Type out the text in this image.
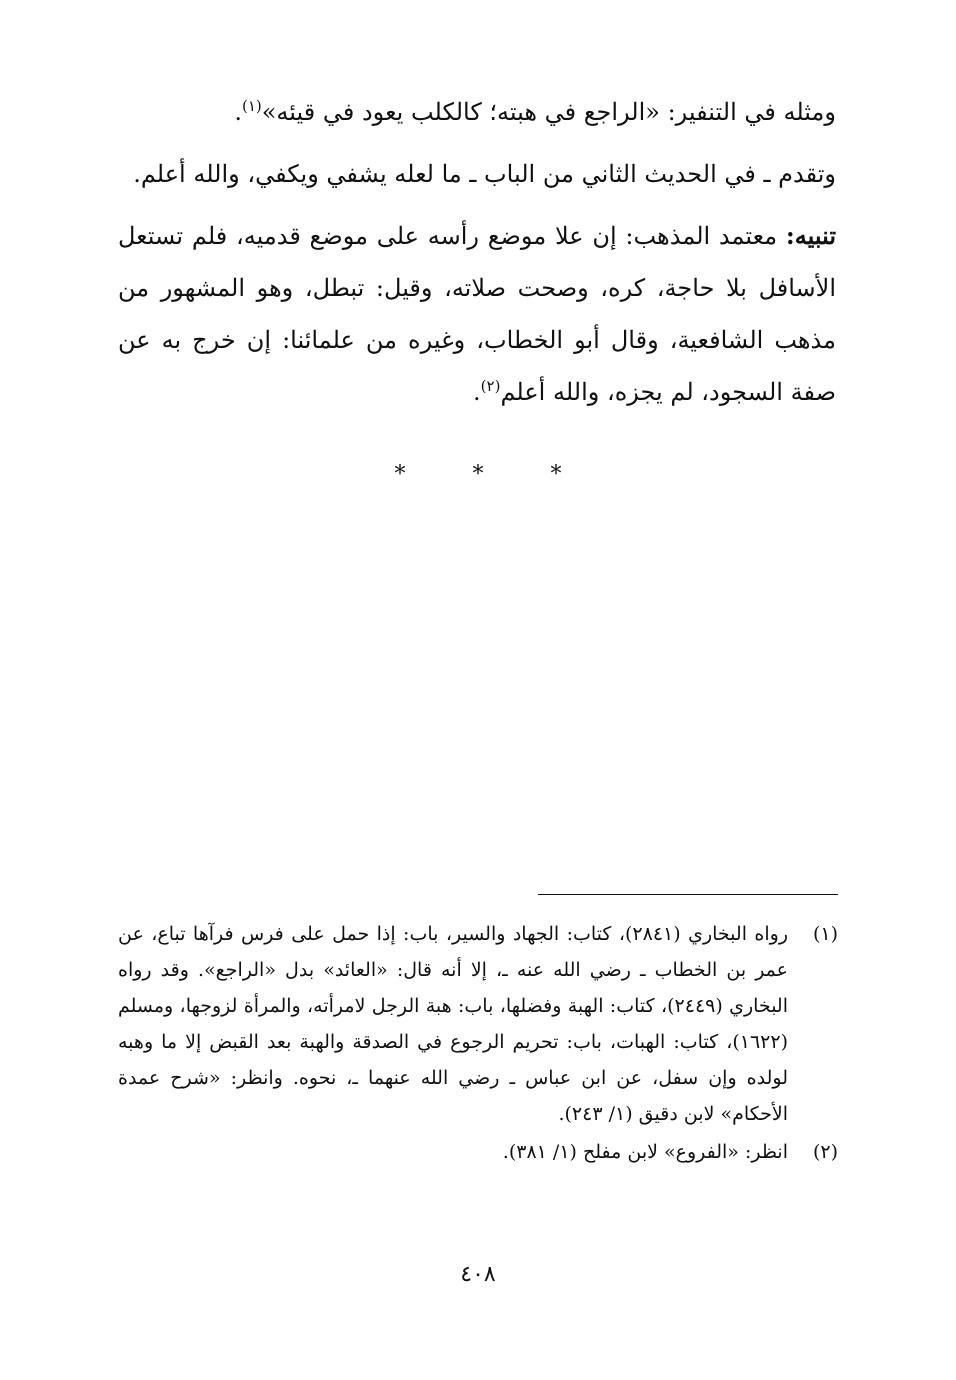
ومثله في التنفير: «الراجع في هبته؛ كالكلب يعود في قيئه»$^{(١)}$.

وتقدم ـ في الحديث الثاني من الباب ـ ما لعله يشفي ويكفي، والله أعلم.

تنبيه: معتمد المذهب: إن علا موضع رأسه على موضع قدميه، فلم تستعل الأسافل بلا حاجة، كره، وصحت صلاته، وقيل: تبطل، وهو المشهور من مذهب الشافعية، وقال أبو الخطاب، وغيره من علمائنا: إن خرج به عن صفة السجود، لم يجزه، والله أعلم$^{(٢)}$.

* * *
(١)
رواه البخاري (٢٨٤١)، كتاب: الجهاد والسير، باب: إذا حمل على فرس فرآها تباع، عن عمر بن الخطاب ـ رضي الله عنه ـ، إلا أنه قال: «العائد» بدل «الراجع». وقد رواه البخاري (٢٤٤٩)، كتاب: الهبة وفضلها، باب: هبة الرجل لامرأته، والمرأة لزوجها، ومسلم (١٦٢٢)، كتاب: الهبات، باب: تحريم الرجوع في الصدقة والهبة بعد القبض إلا ما وهبه لولده وإن سفل، عن ابن عباس ـ رضي الله عنهما ـ، نحوه. وانظر: «شرح عمدة الأحكام» لابن دقيق (١/ ٢٤٣).
(٢)
انظر: «الفروع» لابن مفلح (١/ ٣٨١).
٤٠٨
